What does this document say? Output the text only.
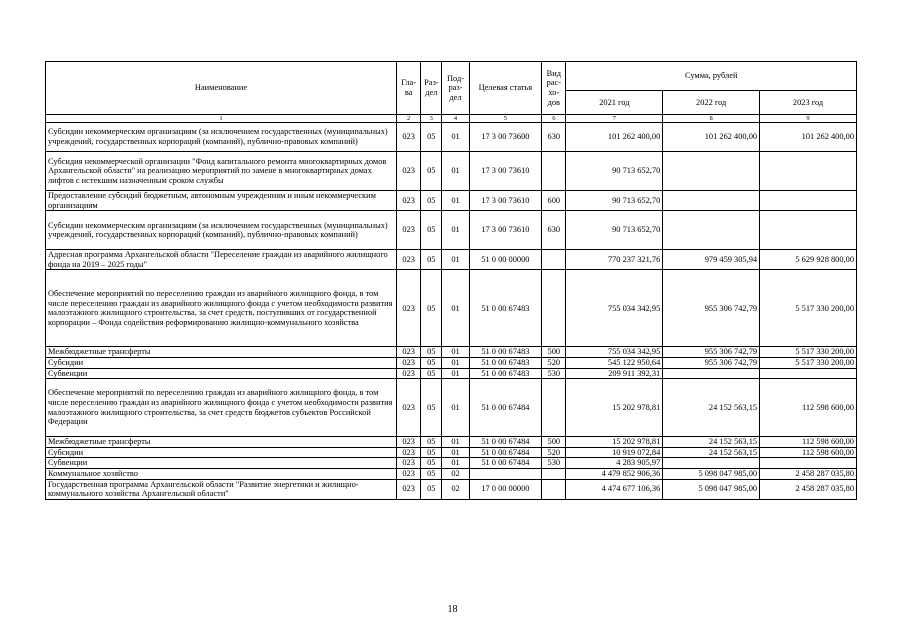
Наименование	Гла-ва	Раз-дел	Под-раз-дел	Целевая статья	Вид рас-хо-дов	Сумма, рублей		
						2021 год	2022 год	2023 год
1	2	3	4	5	6	7	8	9
Субсидии некоммерческим организациям (за исключением государственных (муниципальных) учреждений, государственных корпораций (компаний), публично-правовых компаний)	023	05	01	17 3 00 73600	630	101 262 400,00	101 262 400,00	101 262 400,00
Субсидия некоммерческой организации "Фонд капитального ремонта многоквартирных домов Архангельской области" на реализацию мероприятий по замене в многоквартирных домах лифтов с истекшим назначенным сроком службы	023	05	01	17 3 00 73610		90 713 652,70		
Предоставление субсидий бюджетным, автономным учреждениям и иным некоммерческим организациям	023	05	01	17 3 00 73610	600	90 713 652,70		
Субсидии некоммерческим организациям (за исключением государственных (муниципальных) учреждений, государственных корпораций (компаний), публично-правовых компаний)	023	05	01	17 3 00 73610	630	90 713 652,70		
Адресная программа Архангельской области "Переселение граждан из аварийного жилищного фонда на 2019 – 2025 годы"	023	05	01	51 0 00 00000		770 237 321,76	979 459 305,94	5 629 928 800,00
Обеспечение мероприятий по переселению граждан из аварийного жилищного фонда, в том числе переселению граждан из аварийного жилищного фонда с учетом необходимости развития малоэтажного жилищного строительства, за счет средств, поступивших от государственной корпорации – Фонда содействия реформированию жилищно-коммунального хозяйства	023	05	01	51 0 00 67483		755 034 342,95	955 306 742,79	5 517 330 200,00
Межбюджетные трансферты	023	05	01	51 0 00 67483	500	755 034 342,95	955 306 742,79	5 517 330 200,00
Субсидии	023	05	01	51 0 00 67483	520	545 122 950,64	955 306 742,79	5 517 330 200,00
Субвенции	023	05	01	51 0 00 67483	530	209 911 392,31		
Обеспечение мероприятий по переселению граждан из аварийного жилищного фонда, в том числе переселению граждан из аварийного жилищного фонда с учетом необходимости развития малоэтажного жилищного строительства, за счет средств бюджетов субъектов Российской Федерации	023	05	01	51 0 00 67484		15 202 978,81	24 152 563,15	112 598 600,00
Межбюджетные трансферты	023	05	01	51 0 00 67484	500	15 202 978,81	24 152 563,15	112 598 600,00
Субсидии	023	05	01	51 0 00 67484	520	10 919 072,84	24 152 563,15	112 598 600,00
Субвенции	023	05	01	51 0 00 67484	530	4 283 905,97		
Коммунальное хозяйство	023	05	02			4 479 852 906,36	5 098 047 985,00	2 458 287 035,80
Государственная программа Архангельской области "Развитие энергетики и жилищно-коммунального хозяйства Архангельской области"	023	05	02	17 0 00 00000		4 474 677 106,36	5 098 047 985,00	2 458 287 035,80
18
